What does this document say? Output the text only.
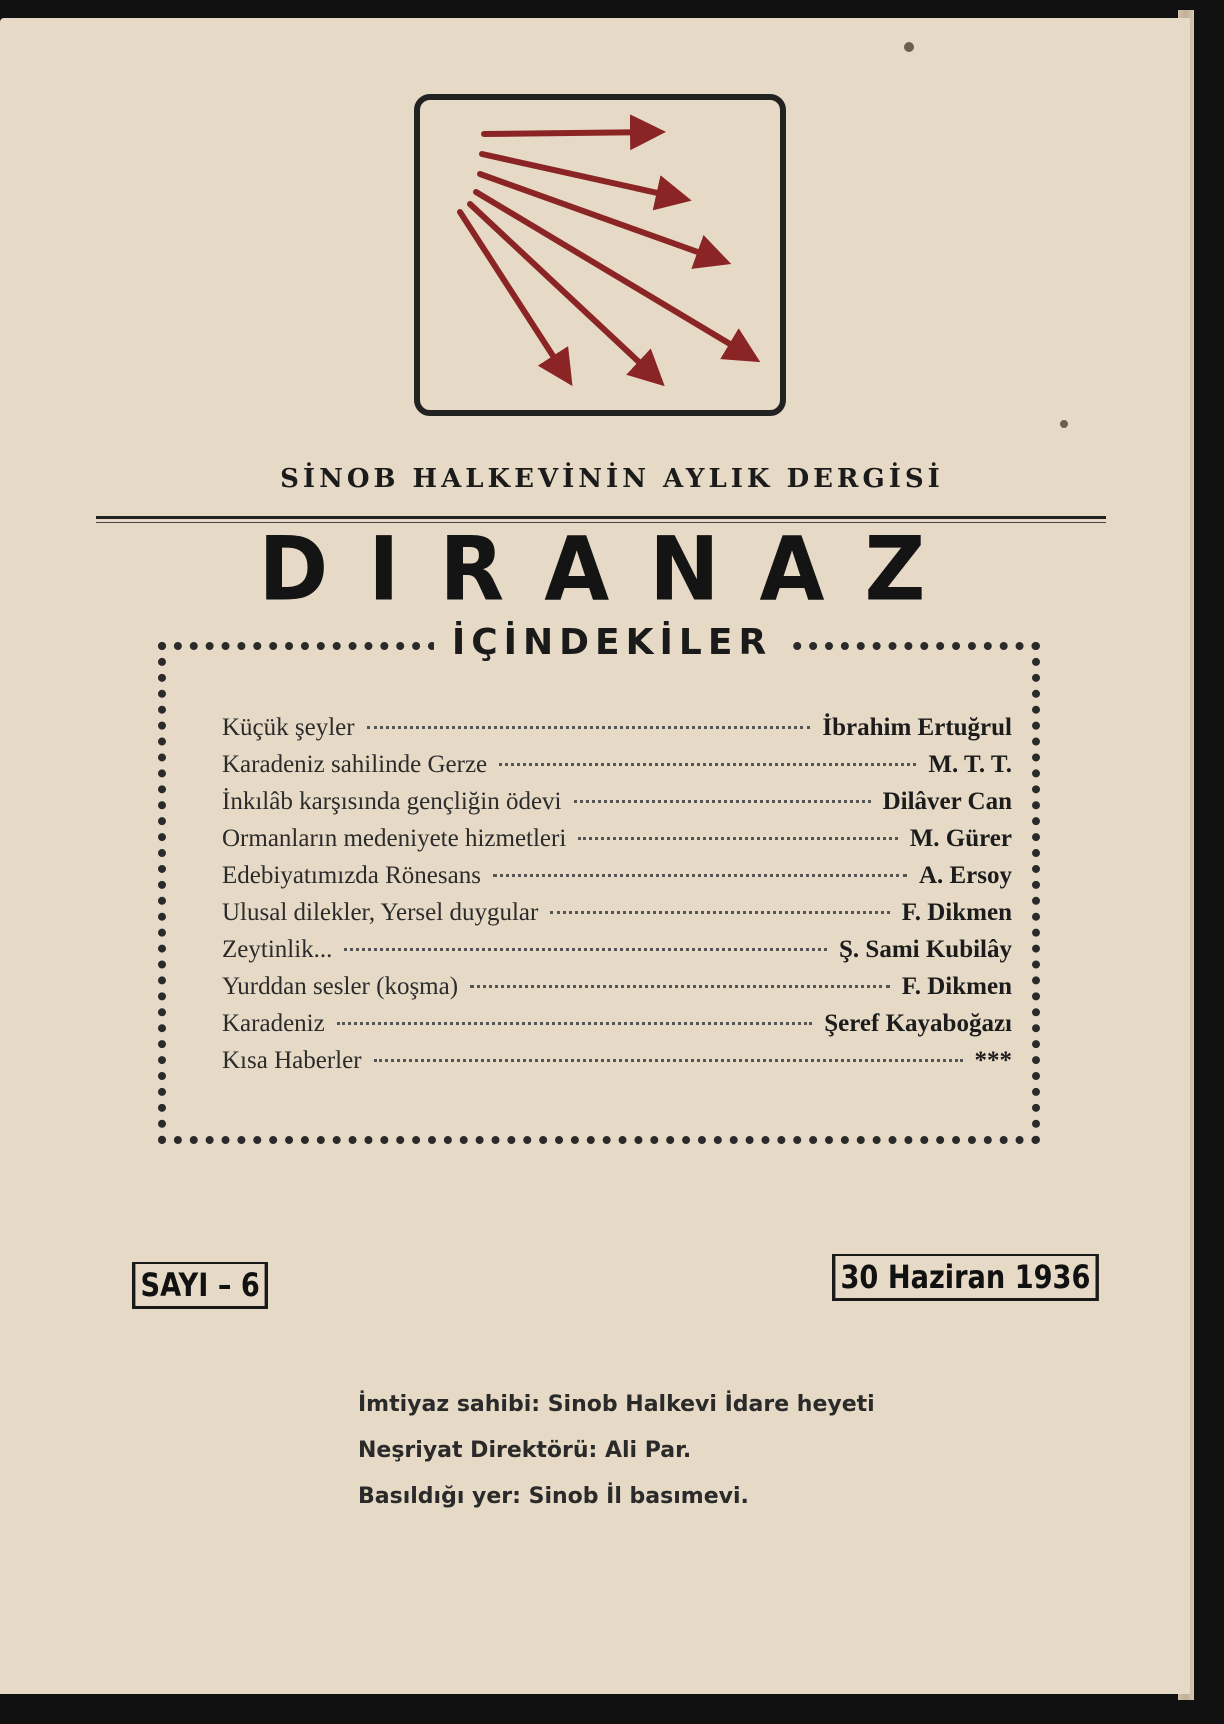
SİNOB HALKEVİNİN AYLIK DERGİSİ
DIRANAZ
İÇİNDEKİLER
Küçük şeyler	İbrahim Ertuğrul
Karadeniz sahilinde Gerze	M. T. T.
İnkılâb karşısında gençliğin ödevi	Dilâver Can
Ormanların medeniyete hizmetleri	M. Gürer
Edebiyatımızda Rönesans	A. Ersoy
Ulusal dilekler, Yersel duygular	F. Dikmen
Zeytinlik...	Ş. Sami Kubilây
Yurddan sesler (koşma)	F. Dikmen
Karadeniz	Şeref Kayaboğazı
Kısa Haberler	***
SAYI – 6	30 Haziran 1936
İmtiyaz sahibi: Sinob Halkevi İdare heyeti
Neşriyat Direktörü: Ali Par.
Basıldığı yer: Sinob İl basımevi.
